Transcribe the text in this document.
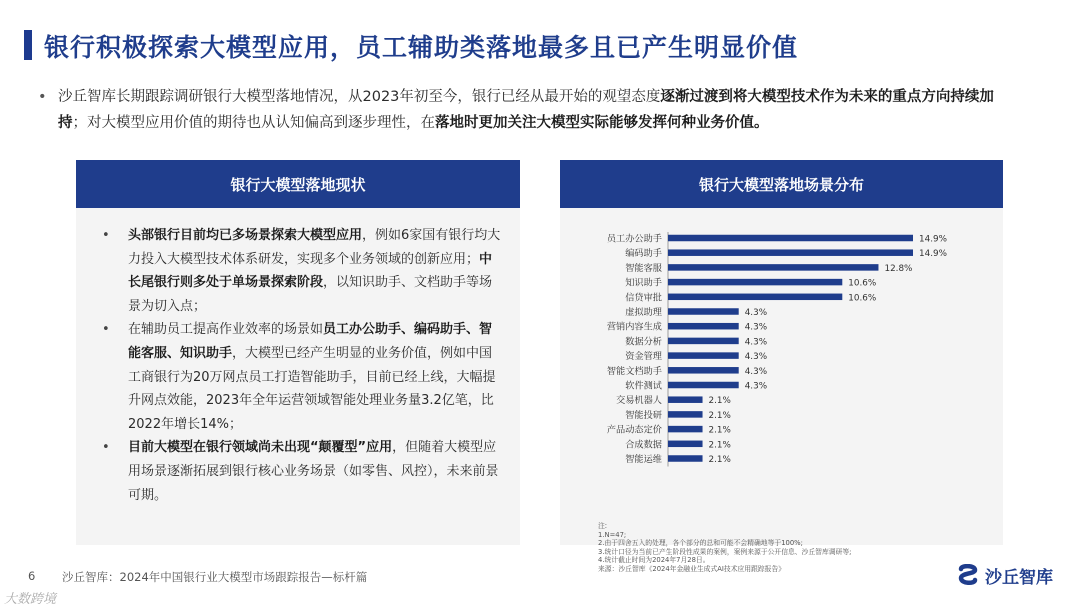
银行积极探索大模型应用，员工辅助类落地最多且已产生明显价值
• 沙丘智库长期跟踪调研银行大模型落地情况，从2023年初至今，银行已经从最开始的观望态度逐渐过渡到将大模型技术作为未来的重点方向持续加持；对大模型应用价值的期待也从认知偏高到逐步理性，在落地时更加关注大模型实际能够发挥何种业务价值。
银行大模型落地现状
• 头部银行目前均已多场景探索大模型应用，例如6家国有银行均大力投入大模型技术体系研发，实现多个业务领域的创新应用；中长尾银行则多处于单场景探索阶段，以知识助手、文档助手等场景为切入点；
• 在辅助员工提高作业效率的场景如员工办公助手、编码助手、智能客服、知识助手，大模型已经产生明显的业务价值，例如中国工商银行为20万网点员工打造智能助手，目前已经上线，大幅提升网点效能，2023年全年运营领域智能处理业务量3.2亿笔，比2022年增长14%；
• 目前大模型在银行领域尚未出现“颠覆型”应用，但随着大模型应用场景逐渐拓展到银行核心业务场景（如零售、风控），未来前景可期。
银行大模型落地场景分布
员工办公助手	14.9%
编码助手	14.9%
智能客服	12.8%
知识助手	10.6%
信贷审批	10.6%
虚拟助理	4.3%
营销内容生成	4.3%
数据分析	4.3%
资金管理	4.3%
智能文档助手	4.3%
软件测试	4.3%
交易机器人	2.1%
智能投研	2.1%
产品动态定价	2.1%
合成数据	2.1%
智能运维	2.1%
注:
1.N=47;
2.由于四舍五入的处理，各个部分的总和可能不会精确地等于100%;
3.统计口径为当前已产生阶段性成果的案例，案例来源于公开信息、沙丘智库调研等;
4.统计截止时间为2024年7月28日。
来源：沙丘智库《2024年金融业生成式AI技术应用跟踪报告》
6 沙丘智库：2024年中国银行业大模型市场跟踪报告—标杆篇	沙丘智库
大数跨境
